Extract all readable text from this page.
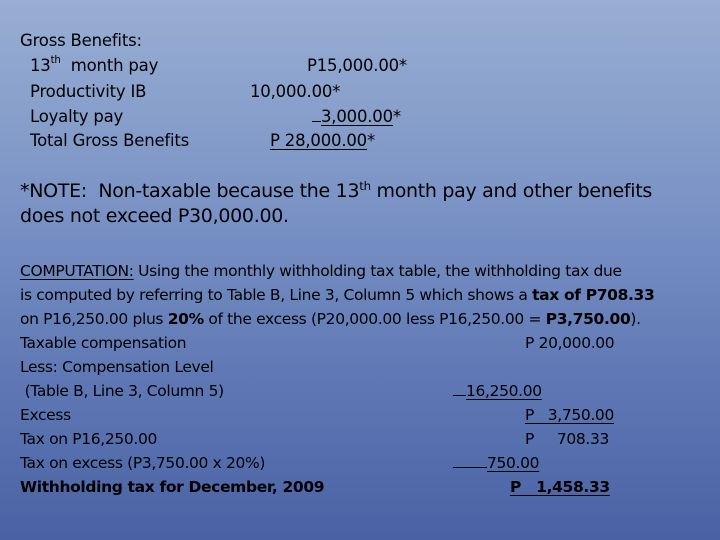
Gross Benefits:
13th  month pay	P15,000.00*
Productivity IB	10,000.00*
Loyalty pay	3,000.00*
Total Gross Benefits	P 28,000.00*
*NOTE:  Non-taxable because the 13th month pay and other benefits
does not exceed P30,000.00.
COMPUTATION: Using the monthly withholding tax table, the withholding tax due
is computed by referring to Table B, Line 3, Column 5 which shows a tax of P708.33
on P16,250.00 plus 20% of the excess (P20,000.00 less P16,250.00 = P3,750.00).
Taxable compensation	P 20,000.00
Less: Compensation Level
(Table B, Line 3, Column 5)	16,250.00
Excess	P   3,750.00
Tax on P16,250.00	P     708.33
Tax on excess (P3,750.00 x 20%)	750.00
Withholding tax for December, 2009	P   1,458.33
